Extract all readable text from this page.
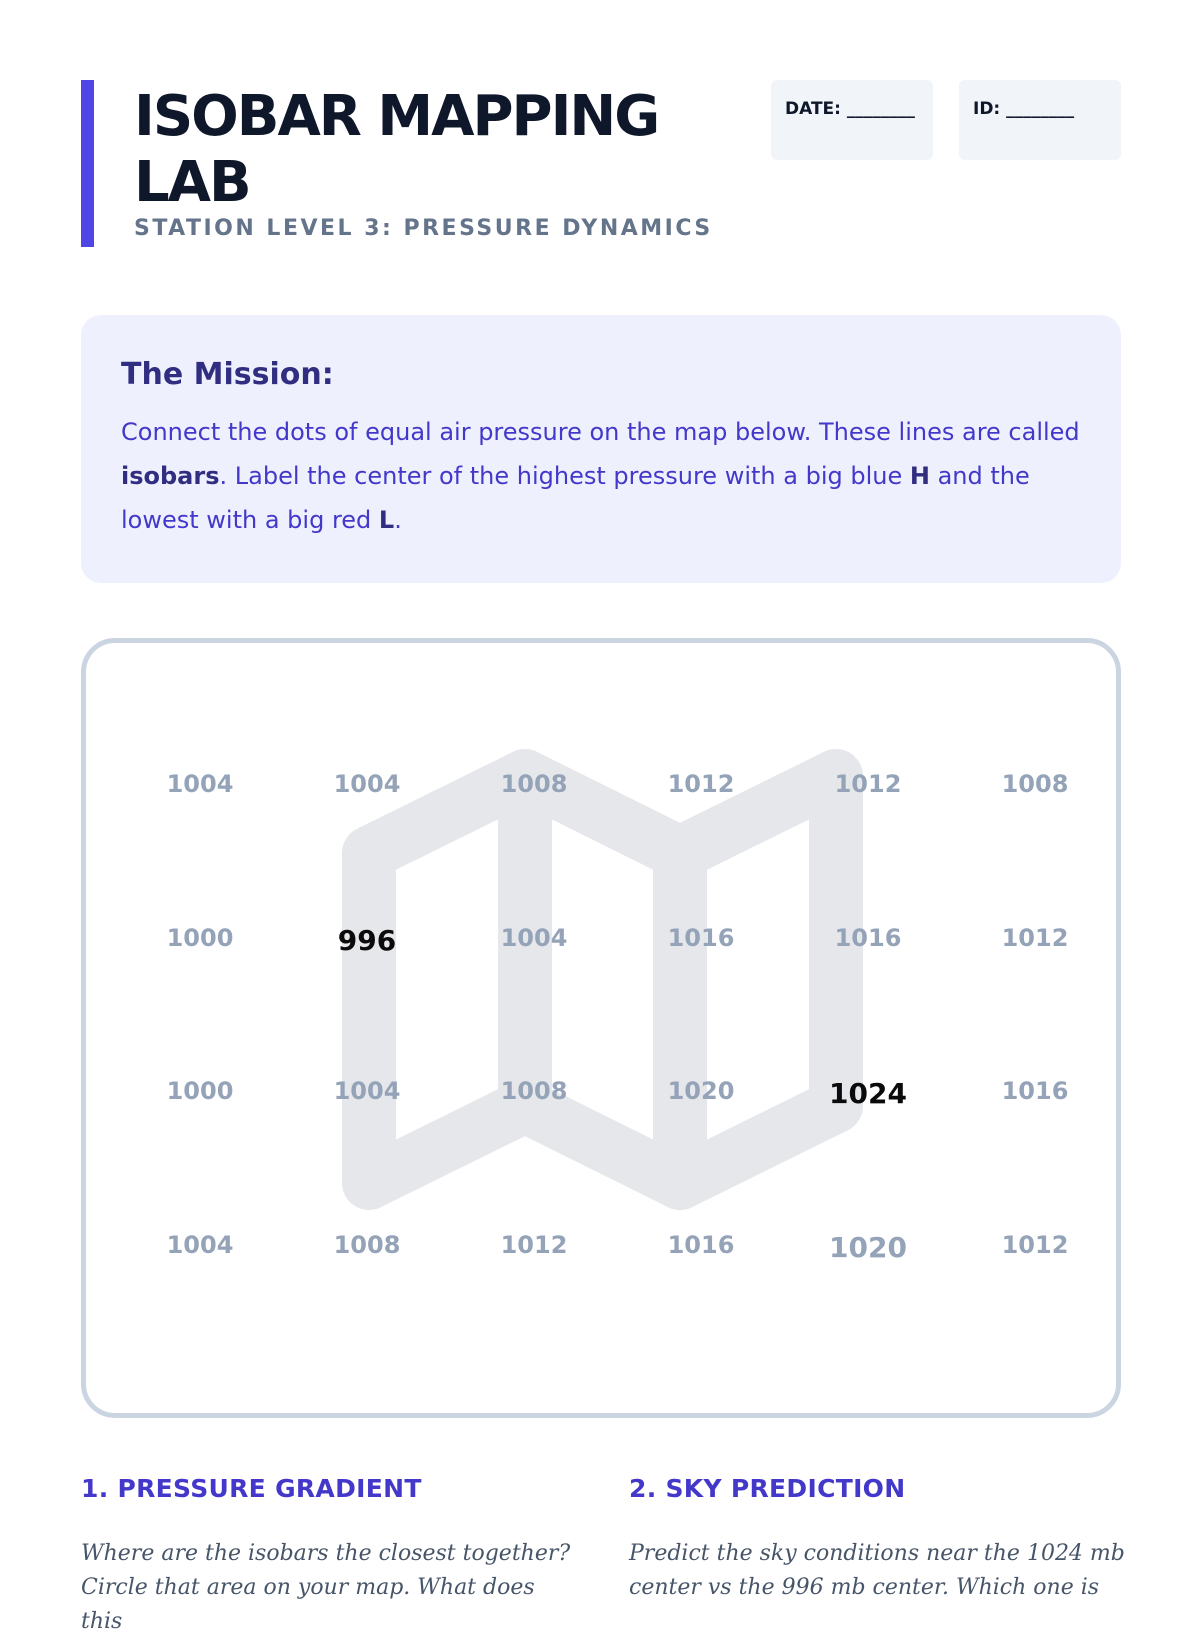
ISOBAR MAPPING LAB
STATION LEVEL 3: PRESSURE DYNAMICS
DATE: ________	ID: ________
The Mission:

Connect the dots of equal air pressure on the map below. These lines are called isobars. Label the center of the highest pressure with a big blue H and the lowest with a big red L.

1004	1004	1008	1012	1012	1008
1000	996	1004	1016	1016	1012
1000	1004	1008	1020	1024	1016
1004	1008	1012	1016	1020	1012
1. PRESSURE GRADIENT
Where are the isobars the closest together? Circle that area on your map. What does this
2. SKY PREDICTION
Predict the sky conditions near the 1024 mb center vs the 996 mb center. Which one is
